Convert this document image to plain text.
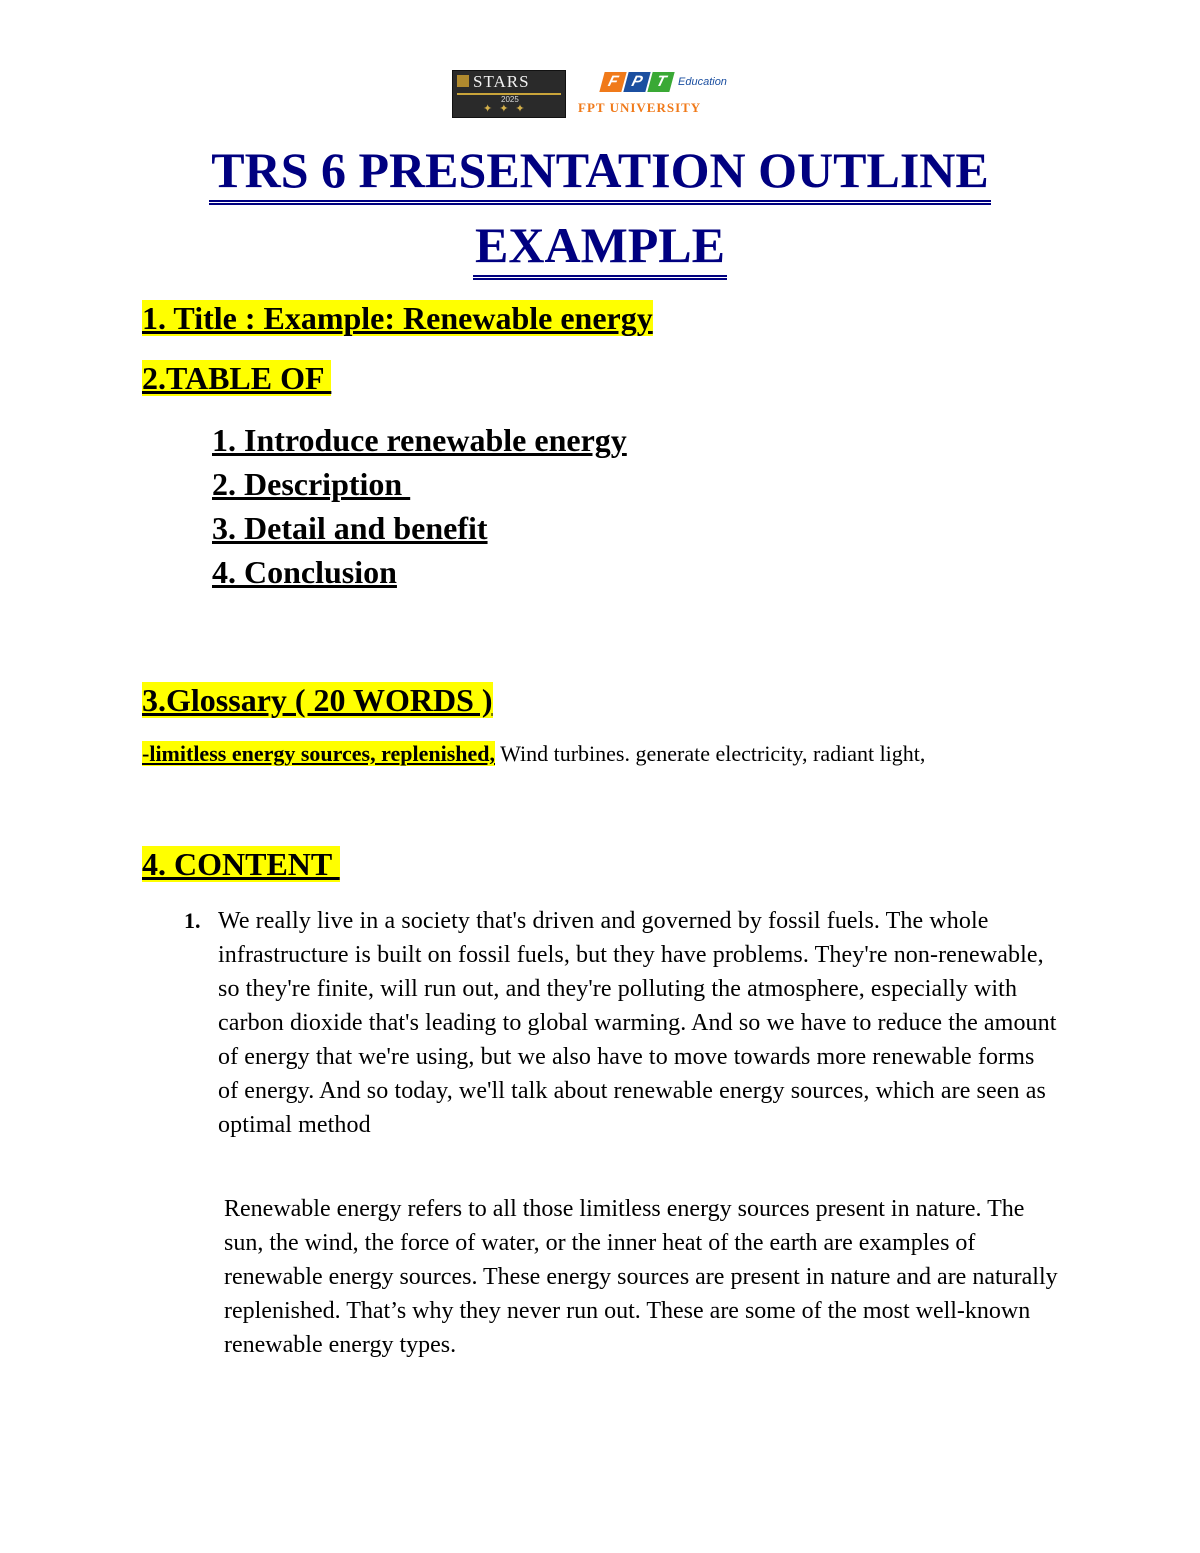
STARS
2025
✦✦✦
F P T Education
FPT UNIVERSITY
TRS 6 PRESENTATION OUTLINE
EXAMPLE
1. Title : Example: Renewable energy
2.TABLE OF
1. Introduce renewable energy
2. Description
3. Detail and benefit
4. Conclusion
3.Glossary ( 20 WORDS )

-limitless energy sources, replenished, Wind turbines. generate electricity, radiant light,

4. CONTENT
1. We really live in a society that's driven and governed by fossil fuels. The whole infrastructure is built on fossil fuels, but they have problems. They're non-renewable, so they're finite, will run out, and they're polluting the atmosphere, especially with carbon dioxide that's leading to global warming. And so we have to reduce the amount of energy that we're using, but we also have to move towards more renewable forms of energy. And so today, we'll talk about renewable energy sources, which are seen as optimal method

Renewable energy refers to all those limitless energy sources present in nature. The sun, the wind, the force of water, or the inner heat of the earth are examples of renewable energy sources. These energy sources are present in nature and are naturally replenished. That’s why they never run out. These are some of the most well-known renewable energy types.
